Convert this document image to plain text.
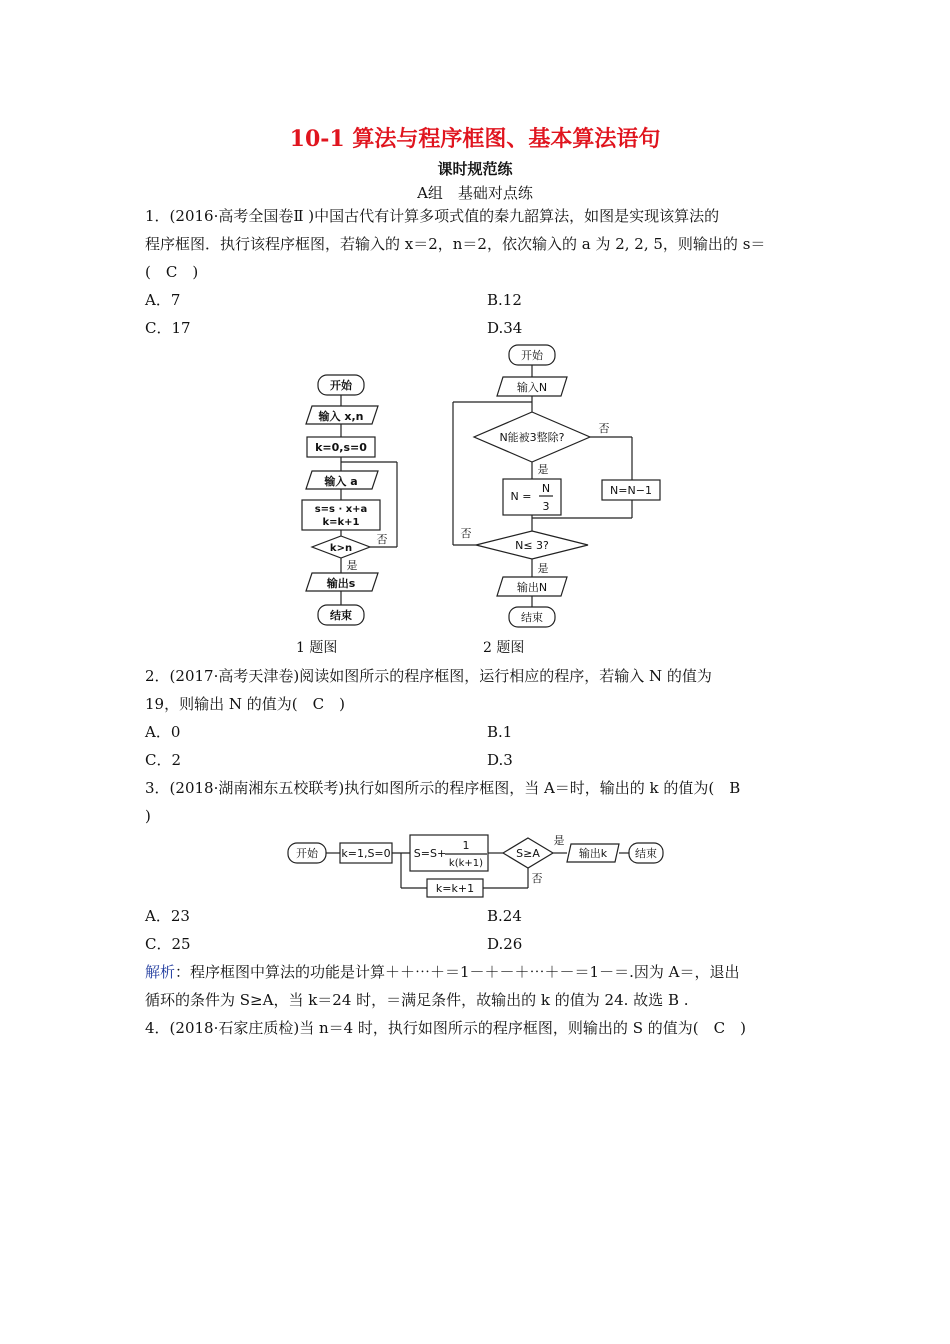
10-1 算法与程序框图、基本算法语句
课时规范练
A组　基础对点练
1．(2016·高考全国卷Ⅱ )中国古代有计算多项式值的秦九韶算法，如图是实现该算法的
程序框图．执行该程序框图，若输入的 x＝2，n＝2，依次输入的 a 为 2, 2, 5，则输出的 s＝
(　C　)
A．7	B.12
C．17	D.34
开始
输入 x,n
k=0,s=0
输入 a
s=s · x+a
k=k+1
k>n
否
是
输出s
结束
1 题图
开始
输入N
N能被3整除?
否
是
N =
N
3
N=N−1
N≤ 3?
否
是
输出N
结束
2 题图
2．(2017·高考天津卷)阅读如图所示的程序框图，运行相应的程序，若输入 N 的值为
19，则输出 N 的值为(　C　)
A．0	B.1
C．2	D.3
3．(2018·湖南湘东五校联考)执行如图所示的程序框图，当 A＝时，输出的 k 的值为(　B
)
开始 k=1,S=0 S=S+
1
k(k+1)
S≥A
是
否
输出k	结束
k=k+1
A．23	B.24
C．25	D.26
解析：程序框图中算法的功能是计算＋＋⋯＋＝1－＋－＋⋯＋－＝1－＝.因为 A＝，退出
循环的条件为 S≥A，当 k＝24 时，＝满足条件，故输出的 k 的值为 24. 故选 B .
4．(2018·石家庄质检)当 n＝4 时，执行如图所示的程序框图，则输出的 S 的值为(　C　)
